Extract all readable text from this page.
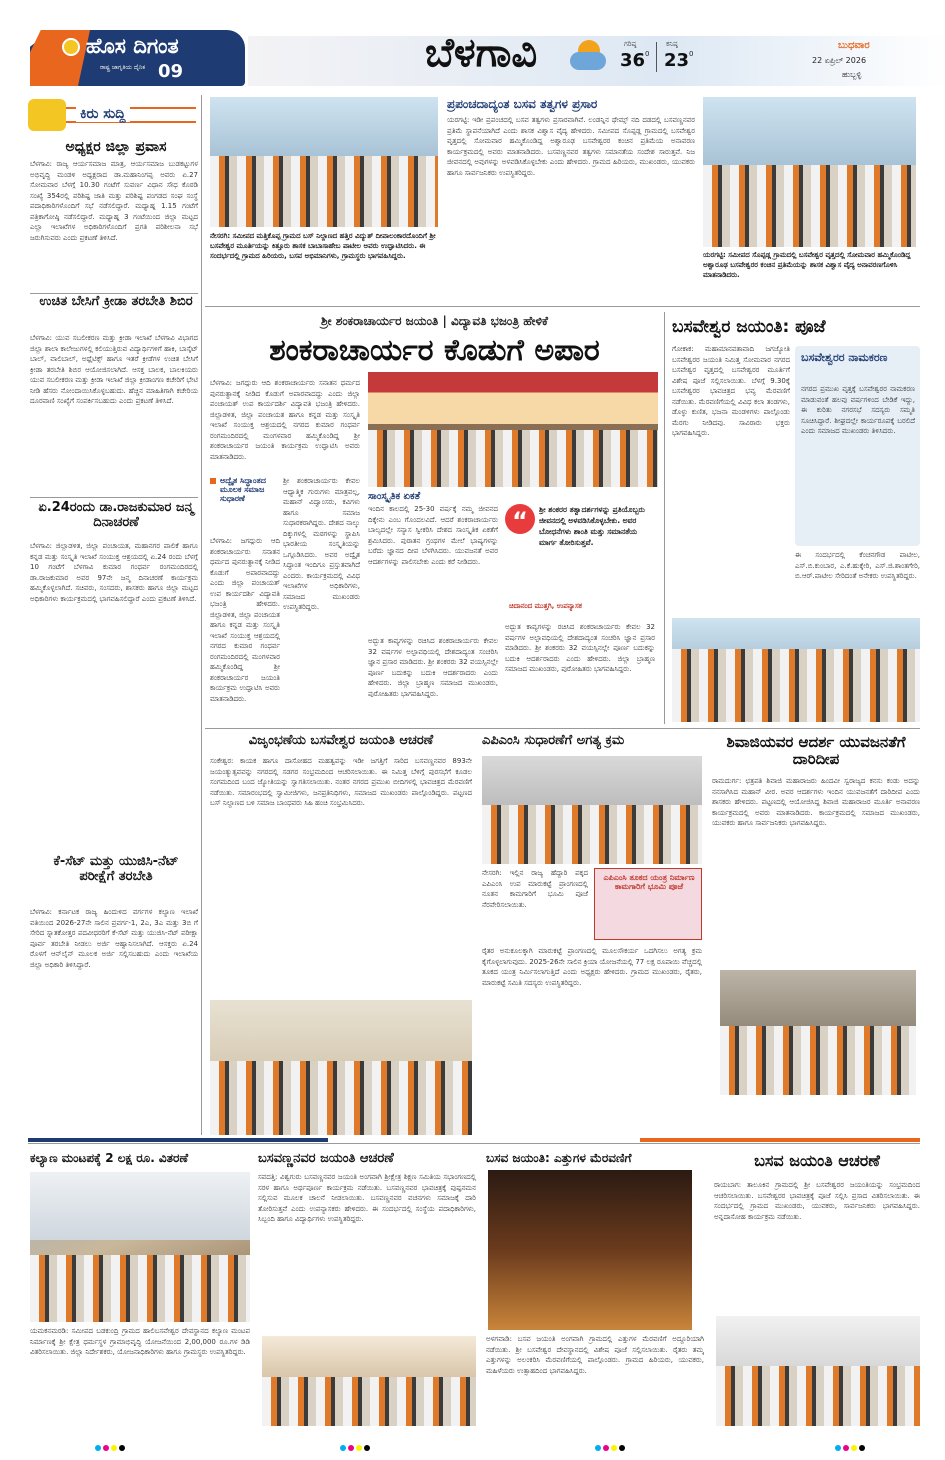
ಹೊಸ ದಿಗಂತ
ರಾಷ್ಟ್ರ ಜಾಗೃತಿಯ ದೈನಿಕ 09	ಬೆಳಗಾವಿ	ಗರಿಷ್ಠ
36 0
ಕನಿಷ್ಠ
23 0
ಬುಧವಾರ
22 ಏಪ್ರಿಲ್ 2026
ಹುಬ್ಬಳ್ಳಿ
ಕಿರು ಸುದ್ದಿ
ಅಧ್ಯಕ್ಷರ ಜಿಲ್ಲಾ ಪ್ರವಾಸ
ಬೆಳಗಾವಿ: ರಾಜ್ಯ ಆರ್ಯಸಮಾಜ ಮಾತ್ರ, ಆರ್ಯಸಮಾಜ ಬುಡಕಟ್ಟುಗಳ ಅಭಿವೃದ್ಧಿ ಮಂಡಳಿ ಅಧ್ಯಕ್ಷರಾದ ಡಾ.ಮಹಾನಿಂಗಪ್ಪ ಅವರು ಏ.27 ಸೋಮವಾರ ಬೆಳಗ್ಗೆ 10.30 ಗಂಟೆಗೆ ಸುವರ್ಣ ವಿಧಾನ ಸೌಧ ಕೊಠಡಿ ಸಂಖ್ಯೆ 354ರಲ್ಲಿ ಪರಿಶಿಷ್ಟ ಜಾತಿ ಮತ್ತು ಪರಿಶಿಷ್ಟ ಪಂಗಡದ ಸಂಘ ಸಂಸ್ಥೆ ಪದಾಧಿಕಾರಿಗಳೊಂದಿಗೆ ಸಭೆ ನಡೆಸಲಿದ್ದಾರೆ. ಮಧ್ಯಾಹ್ನ 1.15 ಗಂಟೆಗೆ ಪತ್ರಿಕಾಗೋಷ್ಠಿ ನಡೆಸಲಿದ್ದಾರೆ. ಮಧ್ಯಾಹ್ನ 3 ಗಂಟೆಯಿಂದ ಜಿಲ್ಲಾ ಮಟ್ಟದ ಎಲ್ಲಾ ಇಲಾಖೆಗಳ ಅಧಿಕಾರಿಗಳೊಂದಿಗೆ ಪ್ರಗತಿ ಪರಿಶೀಲನಾ ಸಭೆ ಜರುಗಿಸುವರು ಎಂದು ಪ್ರಕಟಣೆ ತಿಳಿಸಿದೆ.
ಉಚಿತ ಬೇಸಿಗೆ ಕ್ರೀಡಾ ತರಬೇತಿ ಶಿಬಿರ
ಬೆಳಗಾವಿ: ಯುವ ಸಬಲೀಕರಣ ಮತ್ತು ಕ್ರೀಡಾ ಇಲಾಖೆ ಬೆಳಗಾವಿ ವಿಭಾಗದ ಜಿಲ್ಲಾ ಶಾಲಾ ಕಾಲೇಜುಗಳಲ್ಲಿ ಕಲಿಯುತ್ತಿರುವ ವಿದ್ಯಾರ್ಥಿಗಳಿಗೆ ಹಾಕಿ, ಬಾಸ್ಕೆಟ್ ಬಾಲ್, ವಾಲಿಬಾಲ್, ಅಥ್ಲೆಟಿಕ್ಸ್ ಹಾಗೂ ಇತರೆ ಕ್ರೀಡೆಗಳ ಉಚಿತ ಬೇಸಿಗೆ ಕ್ರೀಡಾ ತರಬೇತಿ ಶಿಬಿರ ಆಯೋಜಿಸಲಾಗಿದೆ. ಆಸಕ್ತ ಬಾಲಕ, ಬಾಲಕಿಯರು ಯುವ ಸಬಲೀಕರಣ ಮತ್ತು ಕ್ರೀಡಾ ಇಲಾಖೆ ಜಿಲ್ಲಾ ಕ್ರೀಡಾಂಗಣ ಕಚೇರಿಗೆ ಭೇಟಿ ನೀಡಿ ಹೆಸರು ನೋಂದಾಯಿಸಿಕೊಳ್ಳಬಹುದು. ಹೆಚ್ಚಿನ ಮಾಹಿತಿಗಾಗಿ ಕಚೇರಿಯ ದೂರವಾಣಿ ಸಂಖ್ಯೆಗೆ ಸಂಪರ್ಕಿಸಬಹುದು ಎಂದು ಪ್ರಕಟಣೆ ತಿಳಿಸಿದೆ.
ಏ.24ರಂದು ಡಾ.ರಾಜಕುಮಾರ ಜನ್ಮ ದಿನಾಚರಣೆ
ಬೆಳಗಾವಿ: ಜಿಲ್ಲಾಡಳಿತ, ಜಿಲ್ಲಾ ಪಂಚಾಯತ, ಮಹಾನಗರ ಪಾಲಿಕೆ ಹಾಗೂ ಕನ್ನಡ ಮತ್ತು ಸಂಸ್ಕೃತಿ ಇಲಾಖೆ ಸಂಯುಕ್ತ ಆಶ್ರಯದಲ್ಲಿ ಏ.24 ರಂದು ಬೆಳಗ್ಗೆ 10 ಗಂಟೆಗೆ ಬೆಳಗಾವಿ ಕುಮಾರ ಗಂಧರ್ವ ರಂಗಮಂದಿರದಲ್ಲಿ ಡಾ.ರಾಜಕುಮಾರ ಅವರ 97ನೇ ಜನ್ಮ ದಿನಾಚರಣೆ ಕಾರ್ಯಕ್ರಮ ಹಮ್ಮಿಕೊಳ್ಳಲಾಗಿದೆ. ಸಚಿವರು, ಸಂಸದರು, ಶಾಸಕರು ಹಾಗೂ ಜಿಲ್ಲಾ ಮಟ್ಟದ ಅಧಿಕಾರಿಗಳು ಕಾರ್ಯಕ್ರಮದಲ್ಲಿ ಭಾಗವಹಿಸಲಿದ್ದಾರೆ ಎಂದು ಪ್ರಕಟಣೆ ತಿಳಿಸಿದೆ.
ಕೆ-ಸೆಟ್ ಮತ್ತು ಯುಜಿಸಿ-ನೆಟ್ ಪರೀಕ್ಷೆಗೆ ತರಬೇತಿ
ಬೆಳಗಾವಿ: ಕರ್ನಾಟಕ ರಾಜ್ಯ ಹಿಂದುಳಿದ ವರ್ಗಗಳ ಕಲ್ಯಾಣ ಇಲಾಖೆ ವತಿಯಿಂದ 2026-27ನೇ ಸಾಲಿನ ಪ್ರವರ್ಗ-1, 2ಎ, 3ಎ ಮತ್ತು 3ಬಿ ಗೆ ಸೇರಿದ ಸ್ನಾತಕೋತ್ತರ ಪದವೀಧರರಿಗೆ ಕೆ-ಸೆಟ್ ಮತ್ತು ಯುಜಿಸಿ-ನೆಟ್ ಪರೀಕ್ಷಾ ಪೂರ್ವ ತರಬೇತಿ ನೀಡಲು ಅರ್ಜಿ ಆಹ್ವಾನಿಸಲಾಗಿದೆ. ಆಸಕ್ತರು ಏ.24 ರೊಳಗೆ ಆನ್‌ಲೈನ್ ಮೂಲಕ ಅರ್ಜಿ ಸಲ್ಲಿಸಬಹುದು ಎಂದು ಇಲಾಖೆಯ ಜಿಲ್ಲಾ ಅಧಿಕಾರಿ ತಿಳಿಸಿದ್ದಾರೆ.
ನೇಸರಗಿ: ಸಮೀಪದ ಮತ್ತಿಕೊಪ್ಪ ಗ್ರಾಮದ ಬಸ್ ನಿಲ್ದಾಣದ ಹತ್ತಿರ ವಿದ್ಯುತ್ ದೀಪಾಲಂಕಾರದೊಂದಿಗೆ ಶ್ರೀ ಬಸವೇಶ್ವರ ಮೂರ್ತಿಯನ್ನು ಕಿತ್ತೂರು ಶಾಸಕ ಬಾಬಾಸಾಹೇಬ ಪಾಟೀಲ ಅವರು ಉದ್ಘಾಟಿಸಿದರು. ಈ ಸಂದರ್ಭದಲ್ಲಿ ಗ್ರಾಮದ ಹಿರಿಯರು, ಬಸವ ಅಭಿಮಾನಿಗಳು, ಗ್ರಾಮಸ್ಥರು ಭಾಗವಹಿಸಿದ್ದರು.
ಪ್ರಪಂಚದಾದ್ಯಂತ ಬಸವ ತತ್ವಗಳ ಪ್ರಸಾರ
ಯರಗಟ್ಟಿ: ಇಡೀ ಪ್ರಪಂಚದಲ್ಲಿ ಬಸವ ತತ್ವಗಳು ಪ್ರಸಾರವಾಗಿವೆ. ಲಂಡನ್ನಿನ ಥೇಮ್ಸ್ ನದಿ ದಡದಲ್ಲಿ ಬಸವಣ್ಣನವರ ಪ್ರತಿಮೆ ಸ್ಥಾಪನೆಯಾಗಿದೆ ಎಂದು ಶಾಸಕ ವಿಶ್ವಾಸ ವೈದ್ಯ ಹೇಳಿದರು. ಸಮೀಪದ ಸೊಪ್ಪಡ್ಲ ಗ್ರಾಮದಲ್ಲಿ ಬಸವೇಶ್ವರ ವೃತ್ತದಲ್ಲಿ ಸೋಮವಾರ ಹಮ್ಮಿಕೊಂಡಿದ್ದ ಅಶ್ವಾರೂಢ ಬಸವೇಶ್ವರರ ಕಂಚಿನ ಪ್ರತಿಮೆಯ ಅನಾವರಣ ಕಾರ್ಯಕ್ರಮದಲ್ಲಿ ಅವರು ಮಾತನಾಡಿದರು. ಬಸವಣ್ಣನವರ ತತ್ವಗಳು ಸಮಾನತೆಯ ಸಂದೇಶ ಸಾರುತ್ತವೆ. ನಿಜ ಜೀವನದಲ್ಲಿ ಅವುಗಳನ್ನು ಅಳವಡಿಸಿಕೊಳ್ಳಬೇಕು ಎಂದು ಹೇಳಿದರು. ಗ್ರಾಮದ ಹಿರಿಯರು, ಮುಖಂಡರು, ಯುವಕರು ಹಾಗೂ ಸಾರ್ವಜನಿಕರು ಉಪಸ್ಥಿತರಿದ್ದರು.
ಯರಗಟ್ಟಿ: ಸಮೀಪದ ಸೊಪ್ಪಡ್ಲ ಗ್ರಾಮದಲ್ಲಿ ಬಸವೇಶ್ವರ ವೃತ್ತದಲ್ಲಿ ಸೋಮವಾರ ಹಮ್ಮಿಕೊಂಡಿದ್ದ ಅಶ್ವಾರೂಢ ಬಸವೇಶ್ವರರ ಕಂಚಿನ ಪ್ರತಿಮೆಯನ್ನು ಶಾಸಕ ವಿಶ್ವಾಸ ವೈದ್ಯ ಅನಾವರಣಗೊಳಿಸಿ ಮಾತನಾಡಿದರು.
ಶ್ರೀ ಶಂಕರಾಚಾರ್ಯರ ಜಯಂತಿ | ವಿದ್ಯಾವತಿ ಭಜಂತ್ರಿ ಹೇಳಿಕೆ
ಶಂಕರಾಚಾರ್ಯರ ಕೊಡುಗೆ ಅಪಾರ
ಬೆಳಗಾವಿ: ಜಗದ್ಗುರು ಆದಿ ಶಂಕರಾಚಾರ್ಯರು ಸನಾತನ ಧರ್ಮದ ಪುನರುತ್ಥಾನಕ್ಕೆ ನೀಡಿದ ಕೊಡುಗೆ ಅಪಾರವಾದದ್ದು ಎಂದು ಜಿಲ್ಲಾ ಪಂಚಾಯತ್ ಉಪ ಕಾರ್ಯದರ್ಶಿ ವಿದ್ಯಾವತಿ ಭಜಂತ್ರಿ ಹೇಳಿದರು. ಜಿಲ್ಲಾಡಳಿತ, ಜಿಲ್ಲಾ ಪಂಚಾಯತ ಹಾಗೂ ಕನ್ನಡ ಮತ್ತು ಸಂಸ್ಕೃತಿ ಇಲಾಖೆ ಸಂಯುಕ್ತ ಆಶ್ರಯದಲ್ಲಿ ನಗರದ ಕುಮಾರ ಗಂಧರ್ವ ರಂಗಮಂದಿರದಲ್ಲಿ ಮಂಗಳವಾರ ಹಮ್ಮಿಕೊಂಡಿದ್ದ ಶ್ರೀ ಶಂಕರಾಚಾರ್ಯರ ಜಯಂತಿ ಕಾರ್ಯಕ್ರಮ ಉದ್ಘಾಟಿಸಿ ಅವರು ಮಾತನಾಡಿದರು.
ಅದ್ವೈತ ಸಿದ್ಧಾಂತದ ಮೂಲಕ ಸಮಾಜ ಸುಧಾರಣೆ
ಶ್ರೀ ಶಂಕರಾಚಾರ್ಯರು ಕೇವಲ ಆಧ್ಯಾತ್ಮಿಕ ಗುರುಗಳು ಮಾತ್ರವಲ್ಲ, ಮಹಾನ್ ವಿದ್ವಾಂಸರು, ಕವಿಗಳು ಹಾಗೂ ಸಮಾಜ ಸುಧಾರಕರಾಗಿದ್ದರು. ದೇಶದ ನಾಲ್ಕು ದಿಕ್ಕುಗಳಲ್ಲಿ ಮಠಗಳನ್ನು ಸ್ಥಾಪಿಸಿ ಭಾರತೀಯ ಸಂಸ್ಕೃತಿಯನ್ನು ಒಗ್ಗೂಡಿಸಿದರು. ಅವರ ಅದ್ವೈತ ಸಿದ್ಧಾಂತ ಇಂದಿಗೂ ಪ್ರಸ್ತುತವಾಗಿದೆ ಎಂದರು. ಕಾರ್ಯಕ್ರಮದಲ್ಲಿ ವಿವಿಧ ಇಲಾಖೆಗಳ ಅಧಿಕಾರಿಗಳು, ಸಮಾಜದ ಮುಖಂಡರು ಉಪಸ್ಥಿತರಿದ್ದರು.
ಬೆಳಗಾವಿ: ಜಗದ್ಗುರು ಆದಿ ಶಂಕರಾಚಾರ್ಯರು ಸನಾತನ ಧರ್ಮದ ಪುನರುತ್ಥಾನಕ್ಕೆ ನೀಡಿದ ಕೊಡುಗೆ ಅಪಾರವಾದದ್ದು ಎಂದು ಜಿಲ್ಲಾ ಪಂಚಾಯತ್ ಉಪ ಕಾರ್ಯದರ್ಶಿ ವಿದ್ಯಾವತಿ ಭಜಂತ್ರಿ ಹೇಳಿದರು. ಜಿಲ್ಲಾಡಳಿತ, ಜಿಲ್ಲಾ ಪಂಚಾಯತ ಹಾಗೂ ಕನ್ನಡ ಮತ್ತು ಸಂಸ್ಕೃತಿ ಇಲಾಖೆ ಸಂಯುಕ್ತ ಆಶ್ರಯದಲ್ಲಿ ನಗರದ ಕುಮಾರ ಗಂಧರ್ವ ರಂಗಮಂದಿರದಲ್ಲಿ ಮಂಗಳವಾರ ಹಮ್ಮಿಕೊಂಡಿದ್ದ ಶ್ರೀ ಶಂಕರಾಚಾರ್ಯರ ಜಯಂತಿ ಕಾರ್ಯಕ್ರಮ ಉದ್ಘಾಟಿಸಿ ಅವರು ಮಾತನಾಡಿದರು.
ಸಾಂಸ್ಕೃತಿಕ ಏಕತೆ
ಇಂದಿನ ಕಾಲದಲ್ಲಿ 25-30 ವರ್ಷಕ್ಕೆ ನಮ್ಮ ಜೀವನದ ದಿಕ್ಕೇನು ಎಂಬ ಗೊಂದಲವಿದೆ. ಆದರೆ ಶಂಕರಾಚಾರ್ಯರು ಬಾಲ್ಯದಲ್ಲೇ ಸನ್ಯಾಸ ಸ್ವೀಕರಿಸಿ ದೇಶದ ಸಾಂಸ್ಕೃತಿಕ ಏಕತೆಗೆ ಶ್ರಮಿಸಿದರು. ಪುರಾತನ ಗ್ರಂಥಗಳ ಮೇಲೆ ಭಾಷ್ಯಗಳನ್ನು ಬರೆದು ಜ್ಞಾನದ ದೀಪ ಬೆಳಗಿಸಿದರು. ಯುವಜನತೆ ಅವರ ಆದರ್ಶಗಳನ್ನು ಪಾಲಿಸಬೇಕು ಎಂದು ಕರೆ ನೀಡಿದರು.
ಅದ್ಭುತ ಕಾವ್ಯಗಳನ್ನು ರಚಿಸಿದ ಶಂಕರಾಚಾರ್ಯರು ಕೇವಲ 32 ವರ್ಷಗಳ ಅಲ್ಪಾವಧಿಯಲ್ಲಿ ದೇಶದಾದ್ಯಂತ ಸಂಚರಿಸಿ ಜ್ಞಾನ ಪ್ರಸಾರ ಮಾಡಿದರು. ಶ್ರೀ ಶಂಕರರು 32 ವಯಸ್ಸಿನಲ್ಲೇ ಪೂರ್ಣ ಬದುಕನ್ನು ಬದುಕಿ ಆದರ್ಶರಾದರು ಎಂದು ಹೇಳಿದರು. ಜಿಲ್ಲಾ ಬ್ರಾಹ್ಮಣ ಸಮಾಜದ ಮುಖಂಡರು, ಪುರೋಹಿತರು ಭಾಗವಹಿಸಿದ್ದರು.
“	ಶ್ರೀ ಶಂಕರರ ತತ್ವಾದರ್ಶಗಳನ್ನು ಪ್ರತಿಯೊಬ್ಬರು ಜೀವನದಲ್ಲಿ ಅಳವಡಿಸಿಕೊಳ್ಳಬೇಕು. ಅವರ ಬೋಧನೆಗಳು ಶಾಂತಿ ಮತ್ತು ಸಮಾನತೆಯ ಮಾರ್ಗ ತೋರಿಸುತ್ತವೆ.
ಚಿದಾನಂದ ಮುತ್ತಗಿ, ಉಪನ್ಯಾಸಕ
ಅದ್ಭುತ ಕಾವ್ಯಗಳನ್ನು ರಚಿಸಿದ ಶಂಕರಾಚಾರ್ಯರು ಕೇವಲ 32 ವರ್ಷಗಳ ಅಲ್ಪಾವಧಿಯಲ್ಲಿ ದೇಶದಾದ್ಯಂತ ಸಂಚರಿಸಿ ಜ್ಞಾನ ಪ್ರಸಾರ ಮಾಡಿದರು. ಶ್ರೀ ಶಂಕರರು 32 ವಯಸ್ಸಿನಲ್ಲೇ ಪೂರ್ಣ ಬದುಕನ್ನು ಬದುಕಿ ಆದರ್ಶರಾದರು ಎಂದು ಹೇಳಿದರು. ಜಿಲ್ಲಾ ಬ್ರಾಹ್ಮಣ ಸಮಾಜದ ಮುಖಂಡರು, ಪುರೋಹಿತರು ಭಾಗವಹಿಸಿದ್ದರು.
ಬಸವೇಶ್ವರ ಜಯಂತಿ: ಪೂಜೆ
ಗೋಕಾಕ: ಮಹಾಮಾನವತಾವಾದಿ ಜಗಜ್ಯೋತಿ ಬಸವೇಶ್ವರರ ಜಯಂತಿ ನಿಮಿತ್ತ ಸೋಮವಾರ ನಗರದ ಬಸವೇಶ್ವರ ವೃತ್ತದಲ್ಲಿ ಬಸವೇಶ್ವರರ ಮೂರ್ತಿಗೆ ವಿಶೇಷ ಪೂಜೆ ಸಲ್ಲಿಸಲಾಯಿತು. ಬೆಳಗ್ಗೆ 9.30ಕ್ಕೆ ಬಸವೇಶ್ವರರ ಭಾವಚಿತ್ರದ ಭವ್ಯ ಮೆರವಣಿಗೆ ನಡೆಯಿತು. ಮೆರವಣಿಗೆಯಲ್ಲಿ ವಿವಿಧ ಕಲಾ ತಂಡಗಳು, ಡೊಳ್ಳು ಕುಣಿತ, ಭಜನಾ ಮಂಡಳಿಗಳು ಪಾಲ್ಗೊಂಡು ಮೆರಗು ನೀಡಿದವು. ಸಾವಿರಾರು ಭಕ್ತರು ಭಾಗವಹಿಸಿದ್ದರು.
ಬಸವೇಶ್ವರರ ನಾಮಕರಣ
ನಗರದ ಪ್ರಮುಖ ವೃತ್ತಕ್ಕೆ ಬಸವೇಶ್ವರರ ನಾಮಕರಣ ಮಾಡುವಂತೆ ಹಲವು ವರ್ಷಗಳಿಂದ ಬೇಡಿಕೆ ಇದ್ದು, ಈ ಕುರಿತು ನಗರಸಭೆ ಸದಸ್ಯರು ಸಮ್ಮತಿ ಸೂಚಿಸಿದ್ದಾರೆ. ಶೀಘ್ರದಲ್ಲೇ ಕಾರ್ಯರೂಪಕ್ಕೆ ಬರಲಿದೆ ಎಂದು ಸಮಾಜದ ಮುಖಂಡರು ತಿಳಿಸಿದರು.
ಈ ಸಂದರ್ಭದಲ್ಲಿ ಕೆಂಚನಗೌಡ ಪಾಟೀಲ, ಎಸ್.ಬಿ.ಕುಂಬಾರ, ಎ.ಕೆ.ಹುಕ್ಕೇರಿ, ಎಸ್.ಜಿ.ಶಾಂತಗೇರಿ, ಬಿ.ಆರ್.ಪಾಟೀಲ ಸೇರಿದಂತೆ ಅನೇಕರು ಉಪಸ್ಥಿತರಿದ್ದರು.
ವಿಜೃಂಭಣೆಯ ಬಸವೇಶ್ವರ ಜಯಂತಿ ಆಚರಣೆ
ಸಂಕೇಶ್ವರ: ಕಾಯಕ ಹಾಗೂ ದಾಸೋಹದ ಮಹತ್ವವನ್ನು ಇಡೀ ಜಗತ್ತಿಗೆ ಸಾರಿದ ಬಸವಣ್ಣನವರ 893ನೇ ಜಯಂತ್ಯುತ್ಸವವನ್ನು ನಗರದಲ್ಲಿ ಸಡಗರ ಸಂಭ್ರಮದಿಂದ ಆಚರಿಸಲಾಯಿತು. ಈ ನಿಮಿತ್ತ ಬೆಳಿಗ್ಗೆ ಪುರಸಭೆಗೆ ಕೂಡಲ ಸಂಗಮದಿಂದ ಬಂದ ಜ್ಯೋತಿಯನ್ನು ಸ್ವಾಗತಿಸಲಾಯಿತು. ನಂತರ ನಗರದ ಪ್ರಮುಖ ಬೀದಿಗಳಲ್ಲಿ ಭಾವಚಿತ್ರದ ಮೆರವಣಿಗೆ ನಡೆಯಿತು. ಸಮಾರಂಭದಲ್ಲಿ ಸ್ವಾಮೀಜಿಗಳು, ಜನಪ್ರತಿನಿಧಿಗಳು, ಸಮಾಜದ ಮುಖಂಡರು ಪಾಲ್ಗೊಂಡಿದ್ದರು. ಪಟ್ಟಣದ ಬಸ್ ನಿಲ್ದಾಣದ ಬಳಿ ಸಮಾಜ ಬಾಂಧವರು ಸಿಹಿ ಹಂಚಿ ಸಂಭ್ರಮಿಸಿದರು.
ಎಪಿಎಂಸಿ ಸುಧಾರಣೆಗೆ ಅಗತ್ಯ ಕ್ರಮ
ನೇಸರಗಿ: ಇಲ್ಲಿನ ರಾಜ್ಯ ಹೆದ್ದಾರಿ ಪಕ್ಕದ ಎಪಿಎಂಸಿ ಉಪ ಮಾರುಕಟ್ಟೆ ಪ್ರಾಂಗಣದಲ್ಲಿ ನೂತನ ಕಾಮಗಾರಿಗೆ ಭೂಮಿ ಪೂಜೆ ನೆರವೇರಿಸಲಾಯಿತು.
ಎಪಿಎಂಸಿ ತೂಕದ ಯಂತ್ರ ನಿರ್ಮಾಣ ಕಾಮಗಾರಿಗೆ ಭೂಮಿ ಪೂಜೆ
ರೈತರ ಅನುಕೂಲಕ್ಕಾಗಿ ಮಾರುಕಟ್ಟೆ ಪ್ರಾಂಗಣದಲ್ಲಿ ಮೂಲಸೌಕರ್ಯ ಒದಗಿಸಲು ಅಗತ್ಯ ಕ್ರಮ ಕೈಗೊಳ್ಳಲಾಗುವುದು. 2025-26ನೇ ಸಾಲಿನ ಕ್ರಿಯಾ ಯೋಜನೆಯಲ್ಲಿ 77 ಲಕ್ಷ ರೂಪಾಯಿ ವೆಚ್ಚದಲ್ಲಿ ತೂಕದ ಯಂತ್ರ ನಿರ್ಮಿಸಲಾಗುತ್ತಿದೆ ಎಂದು ಅಧ್ಯಕ್ಷರು ಹೇಳಿದರು. ಗ್ರಾಮದ ಮುಖಂಡರು, ರೈತರು, ಮಾರುಕಟ್ಟೆ ಸಮಿತಿ ಸದಸ್ಯರು ಉಪಸ್ಥಿತರಿದ್ದರು.
ಶಿವಾಜಿಯವರ ಆದರ್ಶ ಯುವಜನತೆಗೆ ದಾರಿದೀಪ
ರಾಮದುರ್ಗ: ಛತ್ರಪತಿ ಶಿವಾಜಿ ಮಹಾರಾಜರು ಹಿಂದವೀ ಸ್ವರಾಜ್ಯದ ಕನಸು ಕಂಡು ಅದನ್ನು ನನಸಾಗಿಸಿದ ಮಹಾನ್ ವೀರ. ಅವರ ಆದರ್ಶಗಳು ಇಂದಿನ ಯುವಜನತೆಗೆ ದಾರಿದೀಪ ಎಂದು ಶಾಸಕರು ಹೇಳಿದರು. ಪಟ್ಟಣದಲ್ಲಿ ಆಯೋಜಿಸಿದ್ದ ಶಿವಾಜಿ ಮಹಾರಾಜರ ಮೂರ್ತಿ ಅನಾವರಣ ಕಾರ್ಯಕ್ರಮದಲ್ಲಿ ಅವರು ಮಾತನಾಡಿದರು. ಕಾರ್ಯಕ್ರಮದಲ್ಲಿ ಸಮಾಜದ ಮುಖಂಡರು, ಯುವಕರು ಹಾಗೂ ಸಾರ್ವಜನಿಕರು ಭಾಗವಹಿಸಿದ್ದರು.
ಕಲ್ಯಾಣ ಮಂಟಪಕ್ಕೆ 2 ಲಕ್ಷ ರೂ. ವಿತರಣೆ
ಯಮಕನಮರಡಿ: ಸಮೀಪದ ಬಡಕುಂದ್ರಿ ಗ್ರಾಮದ ಹಾಲಿಬಸವೇಶ್ವರ ದೇವಸ್ಥಾನದ ಕಲ್ಯಾಣ ಮಂಟಪ ನಿರ್ಮಾಣಕ್ಕೆ ಶ್ರೀ ಕ್ಷೇತ್ರ ಧರ್ಮಸ್ಥಳ ಗ್ರಾಮಾಭಿವೃದ್ಧಿ ಯೋಜನೆಯಿಂದ 2,00,000 ರೂ.ಗಳ ಡಿಡಿ ವಿತರಿಸಲಾಯಿತು. ಜಿಲ್ಲಾ ನಿರ್ದೇಶಕರು, ಯೋಜನಾಧಿಕಾರಿಗಳು ಹಾಗೂ ಗ್ರಾಮಸ್ಥರು ಉಪಸ್ಥಿತರಿದ್ದರು.
ಬಸವಣ್ಣನವರ ಜಯಂತಿ ಆಚರಣೆ
ಸವದತ್ತಿ: ವಿಶ್ವಗುರು ಬಸವಣ್ಣನವರ ಜಯಂತಿ ಅಂಗವಾಗಿ ಶ್ರೀಕ್ಷೇತ್ರ ಶಿಕ್ಷಣ ಸಮಿತಿಯ ಸಭಾಂಗಣದಲ್ಲಿ ಸರಳ ಹಾಗೂ ಅರ್ಥಪೂರ್ಣ ಕಾರ್ಯಕ್ರಮ ನಡೆಯಿತು. ಬಸವಣ್ಣನವರ ಭಾವಚಿತ್ರಕ್ಕೆ ಪುಷ್ಪನಮನ ಸಲ್ಲಿಸುವ ಮೂಲಕ ಚಾಲನೆ ನೀಡಲಾಯಿತು. ಬಸವಣ್ಣನವರ ವಚನಗಳು ಸಮಾಜಕ್ಕೆ ದಾರಿ ತೋರಿಸುತ್ತವೆ ಎಂದು ಉಪನ್ಯಾಸಕರು ಹೇಳಿದರು. ಈ ಸಂದರ್ಭದಲ್ಲಿ ಸಂಸ್ಥೆಯ ಪದಾಧಿಕಾರಿಗಳು, ಸಿಬ್ಬಂದಿ ಹಾಗೂ ವಿದ್ಯಾರ್ಥಿಗಳು ಉಪಸ್ಥಿತರಿದ್ದರು.
ಬಸವ ಜಯಂತಿ: ಎತ್ತುಗಳ ಮೆರವಣಿಗೆ
ಅಳಗವಾಡಿ: ಬಸವ ಜಯಂತಿ ಅಂಗವಾಗಿ ಗ್ರಾಮದಲ್ಲಿ ಎತ್ತುಗಳ ಮೆರವಣಿಗೆ ಅದ್ದೂರಿಯಾಗಿ ನಡೆಯಿತು. ಶ್ರೀ ಬಸವೇಶ್ವರ ದೇವಸ್ಥಾನದಲ್ಲಿ ವಿಶೇಷ ಪೂಜೆ ಸಲ್ಲಿಸಲಾಯಿತು. ರೈತರು ತಮ್ಮ ಎತ್ತುಗಳನ್ನು ಅಲಂಕರಿಸಿ ಮೆರವಣಿಗೆಯಲ್ಲಿ ಪಾಲ್ಗೊಂಡರು. ಗ್ರಾಮದ ಹಿರಿಯರು, ಯುವಕರು, ಮಹಿಳೆಯರು ಉತ್ಸಾಹದಿಂದ ಭಾಗವಹಿಸಿದ್ದರು.
ಬಸವ ಜಯಂತಿ ಆಚರಣೆ
ರಾಯಬಾಗ: ತಾಲೂಕಿನ ಗ್ರಾಮದಲ್ಲಿ ಶ್ರೀ ಬಸವೇಶ್ವರರ ಜಯಂತಿಯನ್ನು ಸಂಭ್ರಮದಿಂದ ಆಚರಿಸಲಾಯಿತು. ಬಸವೇಶ್ವರರ ಭಾವಚಿತ್ರಕ್ಕೆ ಪೂಜೆ ಸಲ್ಲಿಸಿ ಪ್ರಸಾದ ವಿತರಿಸಲಾಯಿತು. ಈ ಸಂದರ್ಭದಲ್ಲಿ ಗ್ರಾಮದ ಮುಖಂಡರು, ಯುವಕರು, ಸಾರ್ವಜನಿಕರು ಭಾಗವಹಿಸಿದ್ದರು. ಅನ್ನದಾಸೋಹ ಕಾರ್ಯಕ್ರಮ ನಡೆಯಿತು.
